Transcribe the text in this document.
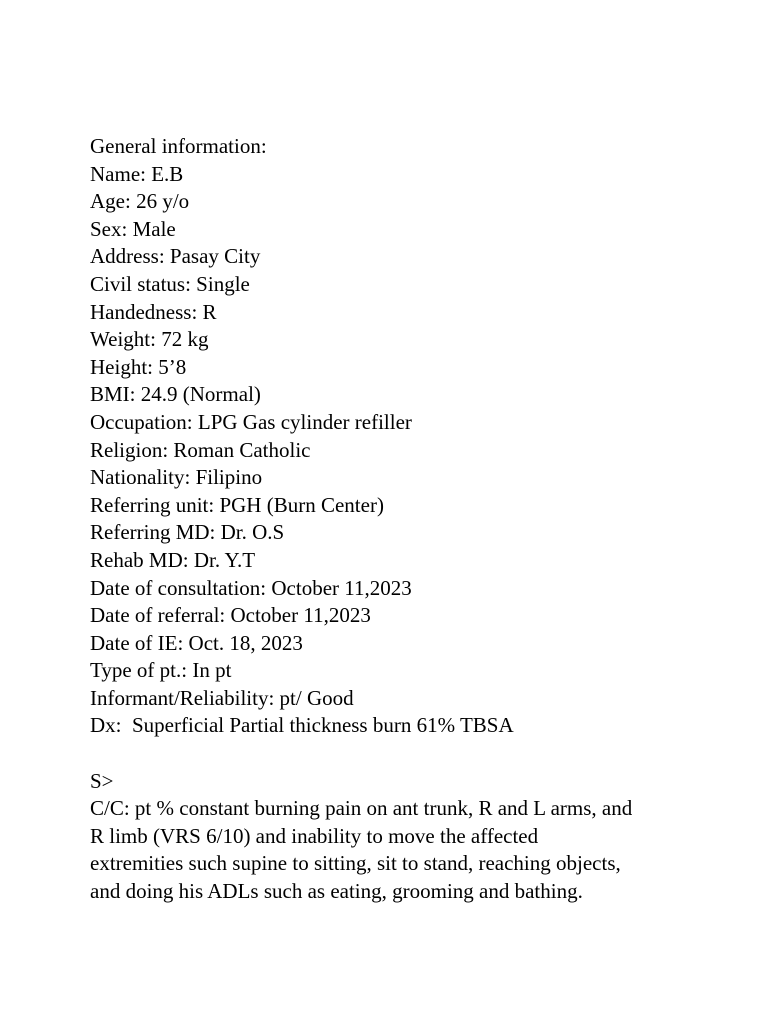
General information:
Name: E.B
Age: 26 y/o
Sex: Male
Address: Pasay City
Civil status: Single
Handedness: R
Weight: 72 kg
Height: 5’8
BMI: 24.9 (Normal)
Occupation: LPG Gas cylinder refiller
Religion: Roman Catholic
Nationality: Filipino
Referring unit: PGH (Burn Center)
Referring MD: Dr. O.S
Rehab MD: Dr. Y.T
Date of consultation: October 11,2023
Date of referral: October 11,2023
Date of IE: Oct. 18, 2023
Type of pt.: In pt
Informant/Reliability: pt/ Good
Dx:  Superficial Partial thickness burn 61% TBSA
S>
C/C: pt % constant burning pain on ant trunk, R and L arms, and
R limb (VRS 6/10) and inability to move the affected
extremities such supine to sitting, sit to stand, reaching objects,
and doing his ADLs such as eating, grooming and bathing.
